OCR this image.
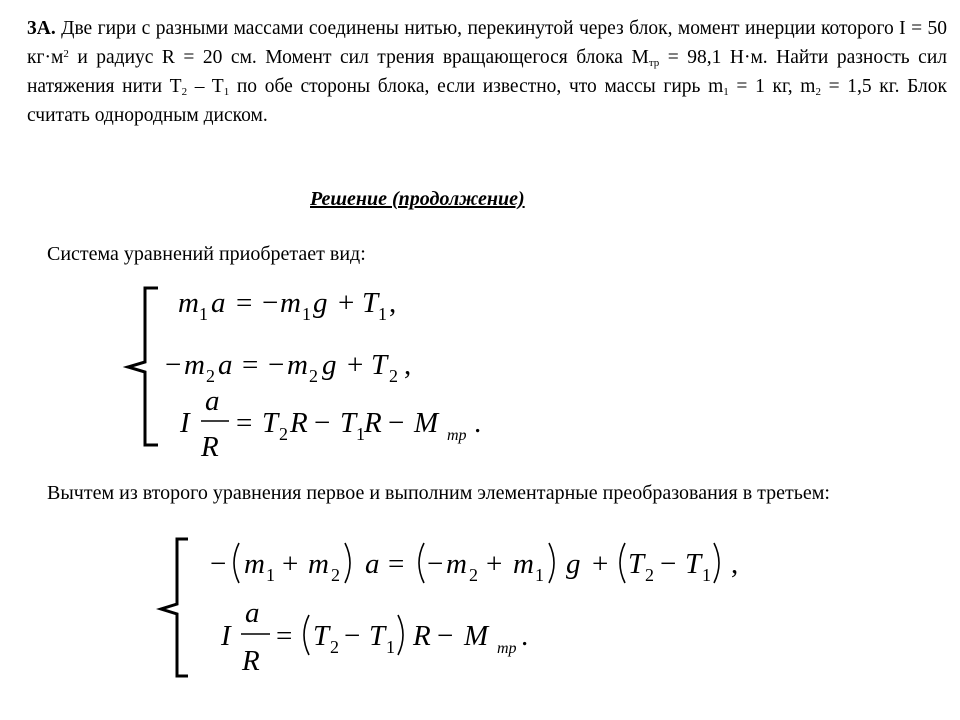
3А. Две гири с разными массами соединены нитью, перекинутой через блок, момент инерции которого I = 50 $кг\cdot м^2$ и радиус R = 20 см. Момент сил трения вращающегося блока $M_{тр} = 98,1$ Н·м. Найти разность сил натяжения нити $T_2 - T_1$ по обе стороны блока, если известно, что массы гирь $m_1 = 1$ кг, $m_2 = 1,5$ кг. Блок считать однородным диском.
Решение (продолжение)
Система уравнений приобретает вид:
Вычтем из второго уравнения первое и выполним элементарные преобразования в третьем:
m 1 a = − m 1 g + T 1 ,
− m 2 a = − m 2 g + T 2 ,
I
a
R
= T 2 R − T 1 R − M тр .
− m 1 + m 2 a = − m 2 + m 1 g + T 2 − T 1 ,
I
a
R
= T 2 − T 1 R − M тр .
